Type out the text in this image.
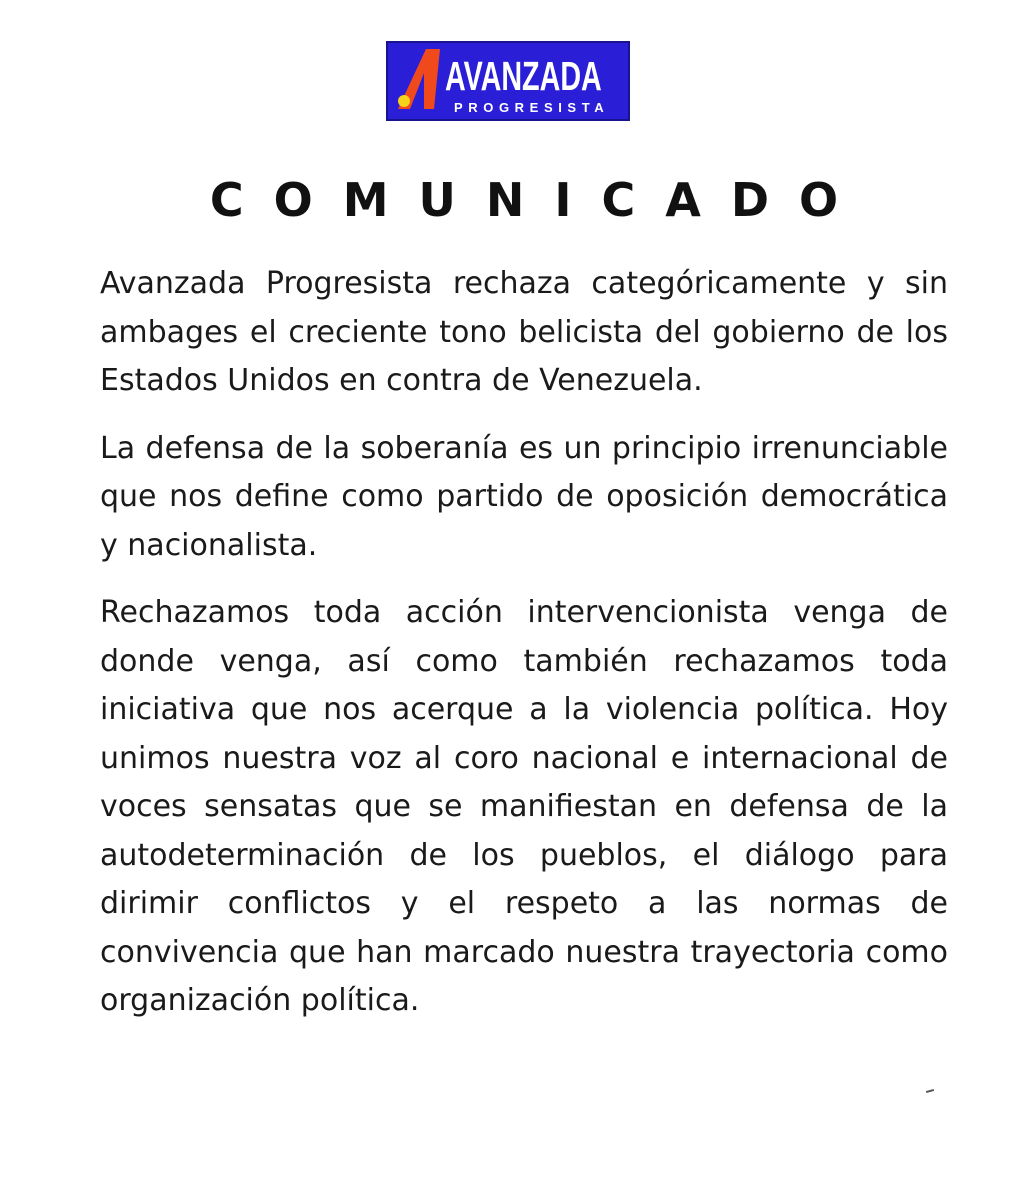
AVANZADA
PROGRESISTA
COMUNICADO

Avanzada Progresista rechaza categóricamente y sin ambages el creciente tono belicista del gobierno de los Estados Unidos en contra de Venezuela.

La defensa de la soberanía es un principio irrenunciable que nos define como partido de oposición democrática y nacionalista.

Rechazamos toda acción intervencionista venga de donde venga, así como también rechazamos toda iniciativa que nos acerque a la violencia política. Hoy unimos nuestra voz al coro nacional e internacional de voces sensatas que se manifiestan en defensa de la autodeterminación de los pueblos, el diálogo para dirimir conflictos y el respeto a las normas de convivencia que han marcado nuestra trayectoria como organización política.
